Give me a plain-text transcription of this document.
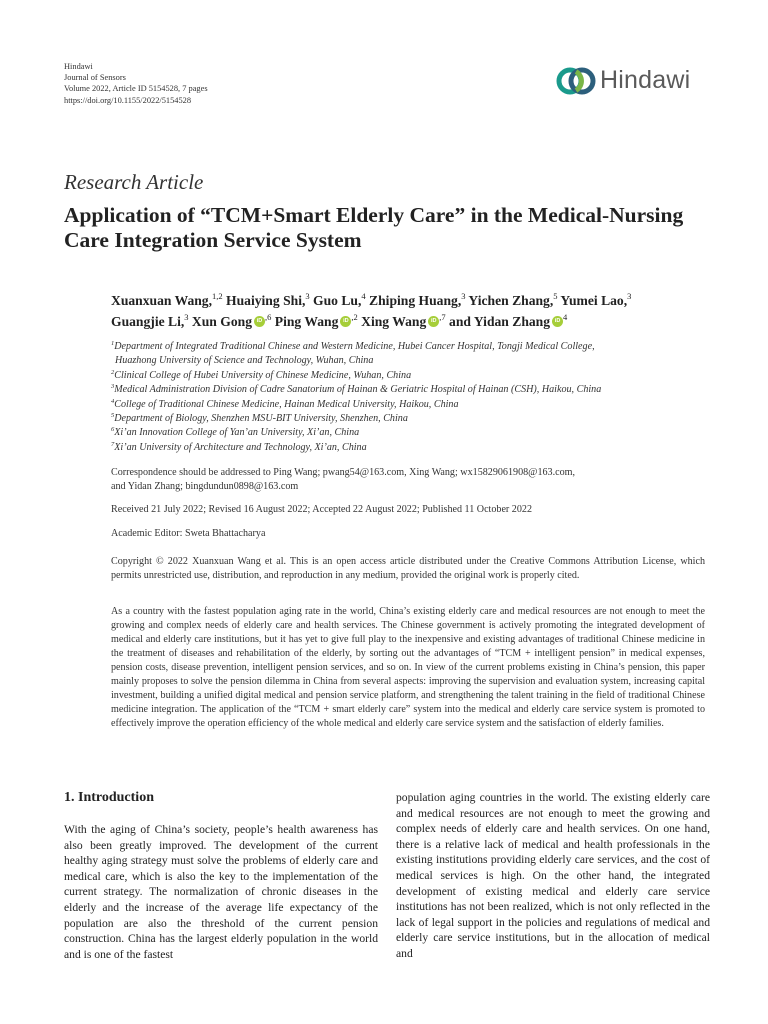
Hindawi
Journal of Sensors
Volume 2022, Article ID 5154528, 7 pages
https://doi.org/10.1155/2022/5154528
Hindawi
Research Article
Application of “TCM+Smart Elderly Care” in the Medical-Nursing Care Integration Service System
Xuanxuan Wang,$^{1,2}$ Huaiying Shi,$^3$ Guo Lu,$^4$ Zhiping Huang,$^3$ Yichen Zhang,$^5$ Yumei Lao,$^3$
Guangjie Li,$^3$ Xun Gong iD $^{,6}$ Ping Wang iD $^{,2}$ Xing Wang iD $^{,7}$ and Yidan Zhang iD $^4$
$^1$Department of Integrated Traditional Chinese and Western Medicine, Hubei Cancer Hospital, Tongji Medical College,
Huazhong University of Science and Technology, Wuhan, China
$^2$Clinical College of Hubei University of Chinese Medicine, Wuhan, China
$^3$Medical Administration Division of Cadre Sanatorium of Hainan & Geriatric Hospital of Hainan (CSH), Haikou, China
$^4$College of Traditional Chinese Medicine, Hainan Medical University, Haikou, China
$^5$Department of Biology, Shenzhen MSU-BIT University, Shenzhen, China
$^6$Xi’an Innovation College of Yan’an University, Xi’an, China
$^7$Xi’an University of Architecture and Technology, Xi’an, China
Correspondence should be addressed to Ping Wang; pwang54@163.com, Xing Wang; wx15829061908@163.com,
and Yidan Zhang; bingdundun0898@163.com
Received 21 July 2022; Revised 16 August 2022; Accepted 22 August 2022; Published 11 October 2022
Academic Editor: Sweta Bhattacharya
Copyright © 2022 Xuanxuan Wang et al. This is an open access article distributed under the Creative Commons Attribution License, which permits unrestricted use, distribution, and reproduction in any medium, provided the original work is properly cited.
As a country with the fastest population aging rate in the world, China’s existing elderly care and medical resources are not enough to meet the growing and complex needs of elderly care and health services. The Chinese government is actively promoting the integrated development of medical and elderly care institutions, but it has yet to give full play to the inexpensive and existing advantages of traditional Chinese medicine in the treatment of diseases and rehabilitation of the elderly, by sorting out the advantages of “TCM + intelligent pension” in medical expenses, pension costs, disease prevention, intelligent pension services, and so on. In view of the current problems existing in China’s pension, this paper mainly proposes to solve the pension dilemma in China from several aspects: improving the supervision and evaluation system, increasing capital investment, building a unified digital medical and pension service platform, and strengthening the talent training in the field of traditional Chinese medicine integration. The application of the “TCM + smart elderly care” system into the medical and elderly care service system is promoted to effectively improve the operation efficiency of the whole medical and elderly care service system and the satisfaction of elderly families.
1. Introduction

With the aging of China’s society, people’s health awareness has also been greatly improved. The development of the current healthy aging strategy must solve the problems of elderly care and medical care, which is also the key to the implementation of the current strategy. The normalization of chronic diseases in the elderly and the increase of the average life expectancy of the population are also the threshold of the current pension construction. China has the largest elderly population in the world and is one of the fastest

population aging countries in the world. The existing elderly care and medical resources are not enough to meet the growing and complex needs of elderly care and health services. On one hand, there is a relative lack of medical and health professionals in the existing institutions providing elderly care services, and the cost of medical services is high. On the other hand, the integrated development of existing medical and elderly care service institutions has not been realized, which is not only reflected in the lack of legal support in the policies and regulations of medical and elderly care service institutions, but in the allocation of medical and
